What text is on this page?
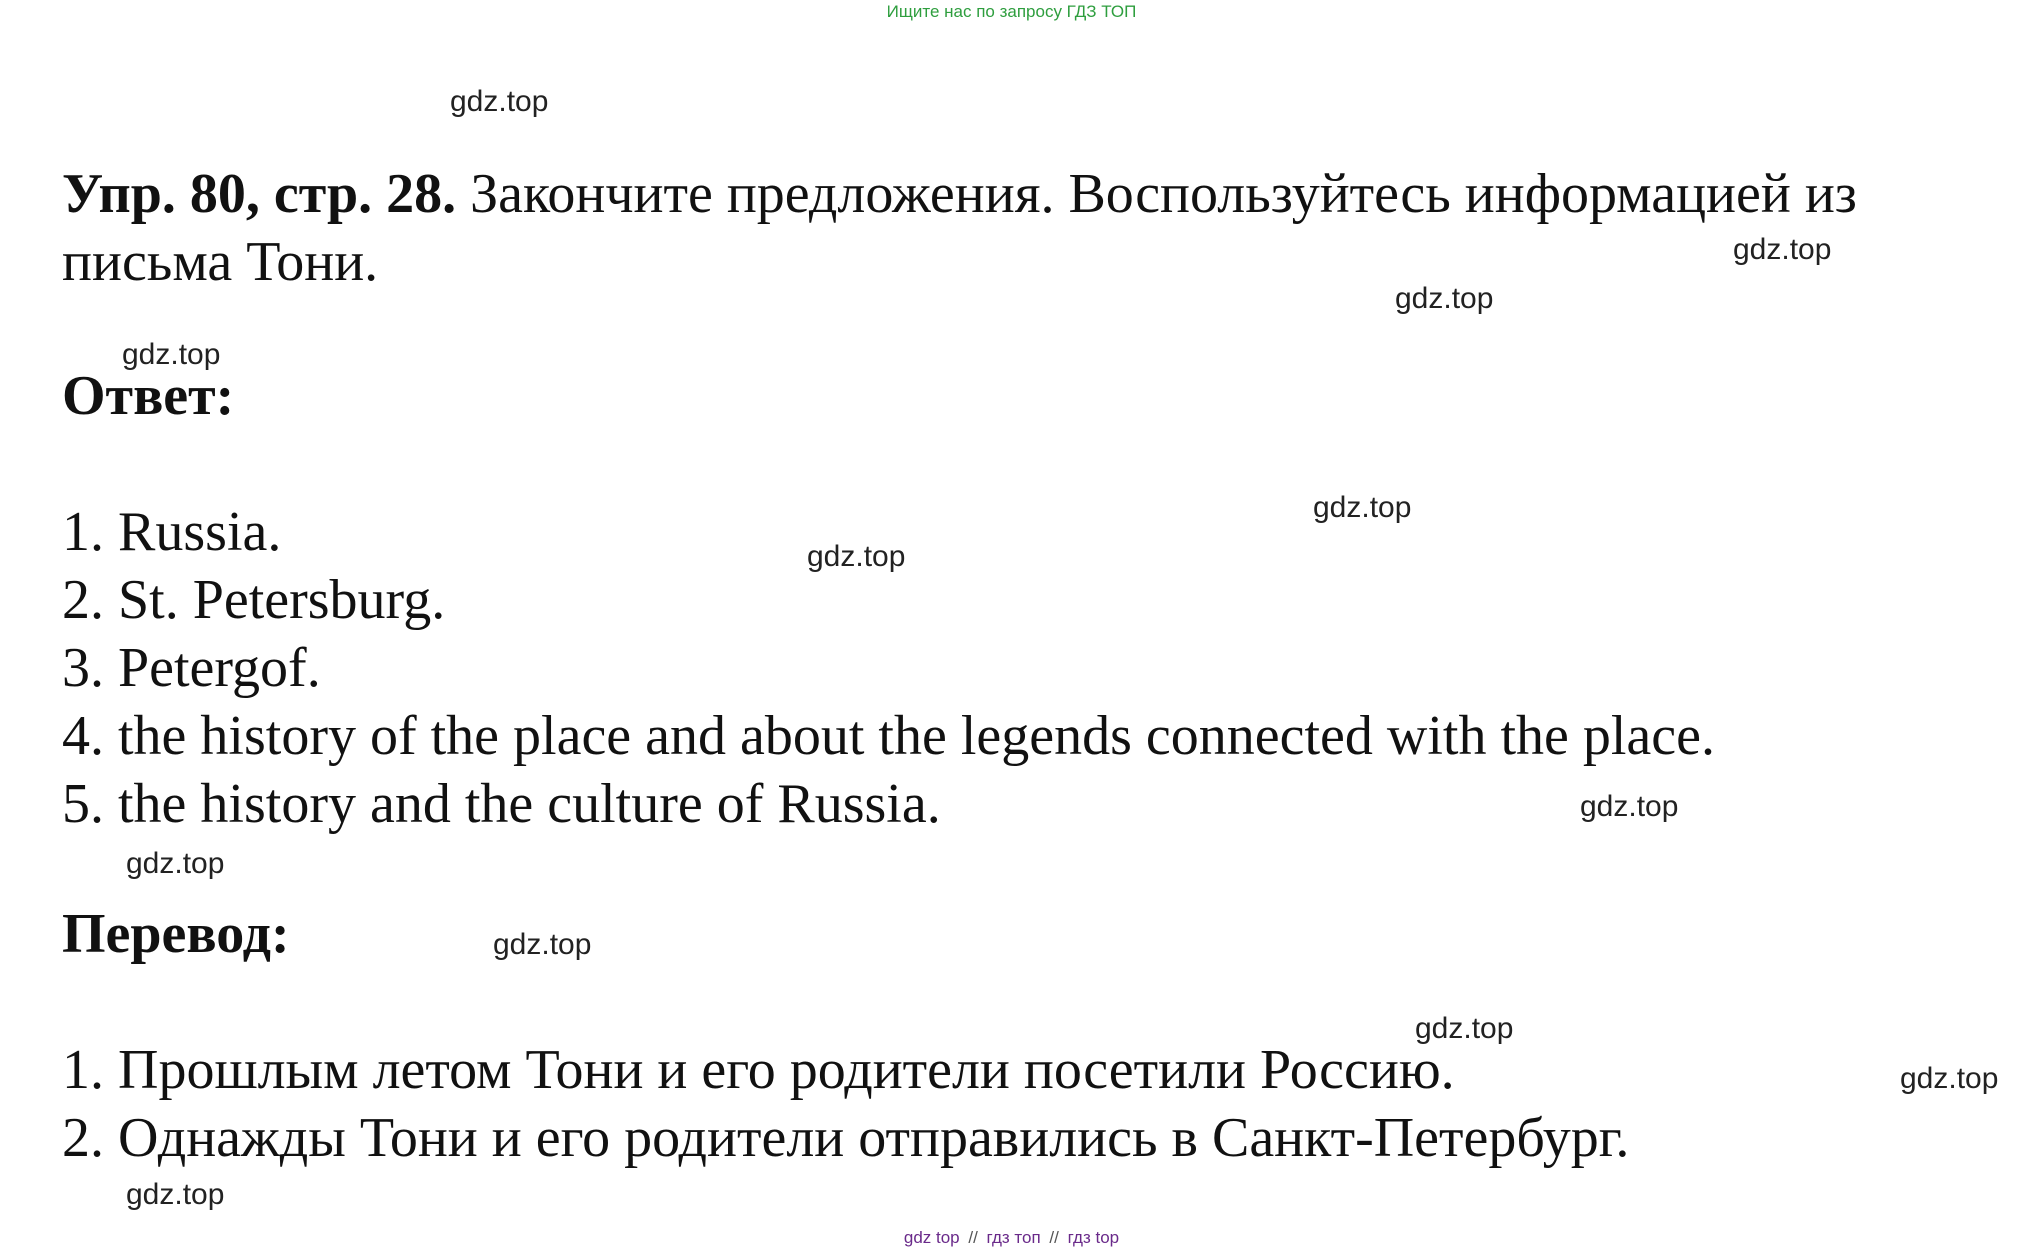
Ищите нас по запросу ГДЗ ТОП
gdz.top
gdz.top
gdz.top
gdz.top
gdz.top
gdz.top
gdz.top
gdz.top
gdz.top
gdz.top
gdz.top
gdz.top
Упр. 80, стр. 28. Закончите предложения. Воспользуйтесь информацией из письма Тони.
Ответ:
1. Russia.
2. St. Petersburg.
3. Petergof.
4. the history of the place and about the legends connected with the place.
5. the history and the culture of Russia.
Перевод:
1. Прошлым летом Тони и его родители посетили Россию.
2. Однажды Тони и его родители отправились в Санкт-Петербург.
gdz top // гдз топ // гдз top
